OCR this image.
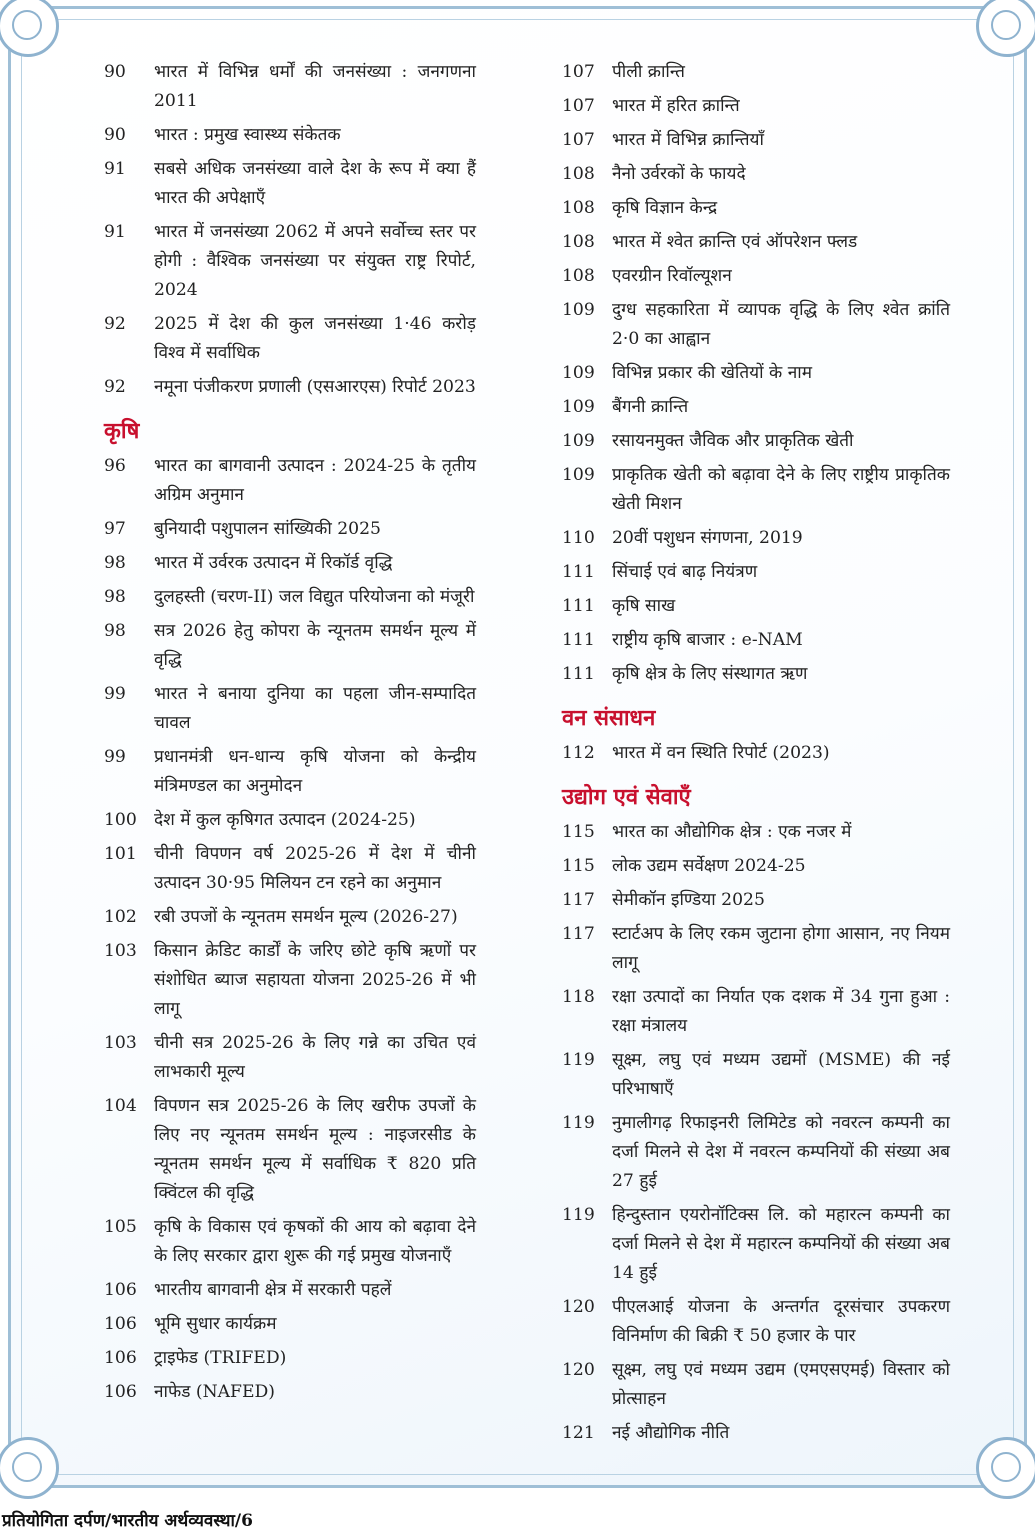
90	भारत में विभिन्न धर्मों की जनसंख्या : जनगणना 2011
90	भारत : प्रमुख स्वास्थ्य संकेतक
91	सबसे अधिक जनसंख्या वाले देश के रूप में क्या हैं भारत की अपेक्षाएँ
91	भारत में जनसंख्या 2062 में अपने सर्वोच्च स्तर पर होगी : वैश्विक जनसंख्या पर संयुक्त राष्ट्र रिपोर्ट, 2024
92	2025 में देश की कुल जनसंख्या 1·46 करोड़ विश्व में सर्वाधिक
92	नमूना पंजीकरण प्रणाली (एसआरएस) रिपोर्ट 2023
कृषि
96	भारत का बागवानी उत्पादन : 2024-25 के तृतीय अग्रिम अनुमान
97	बुनियादी पशुपालन सांख्यिकी 2025
98	भारत में उर्वरक उत्पादन में रिकॉर्ड वृद्धि
98	दुलहस्ती (चरण-II) जल विद्युत परियोजना को मंजूरी
98	सत्र 2026 हेतु कोपरा के न्यूनतम समर्थन मूल्य में वृद्धि
99	भारत ने बनाया दुनिया का पहला जीन-सम्पादित चावल
99	प्रधानमंत्री धन-धान्य कृषि योजना को केन्द्रीय मंत्रिमण्डल का अनुमोदन
100 देश में कुल कृषिगत उत्पादन (2024-25)
101 चीनी विपणन वर्ष 2025-26 में देश में चीनी उत्पादन 30·95 मिलियन टन रहने का अनुमान
102 रबी उपजों के न्यूनतम समर्थन मूल्य (2026-27)
103 किसान क्रेडिट कार्डों के जरिए छोटे कृषि ऋणों पर संशोधित ब्याज सहायता योजना 2025-26 में भी लागू
103 चीनी सत्र 2025-26 के लिए गन्ने का उचित एवं लाभकारी मूल्य
104 विपणन सत्र 2025-26 के लिए खरीफ उपजों के लिए नए न्यूनतम समर्थन मूल्य : नाइजरसीड के न्यूनतम समर्थन मूल्य में सर्वाधिक ₹ 820 प्रति क्विंटल की वृद्धि
105 कृषि के विकास एवं कृषकों की आय को बढ़ावा देने के लिए सरकार द्वारा शुरू की गई प्रमुख योजनाएँ
106 भारतीय बागवानी क्षेत्र में सरकारी पहलें
106 भूमि सुधार कार्यक्रम
106 ट्राइफेड (TRIFED)
106 नाफेड (NAFED)
107 पीली क्रान्ति
107 भारत में हरित क्रान्ति
107 भारत में विभिन्न क्रान्तियाँ
108 नैनो उर्वरकों के फायदे
108 कृषि विज्ञान केन्द्र
108 भारत में श्वेत क्रान्ति एवं ऑपरेशन फ्लड
108 एवरग्रीन रिवॉल्यूशन
109 दुग्ध सहकारिता में व्यापक वृद्धि के लिए श्वेत क्रांति 2·0 का आह्वान
109 विभिन्न प्रकार की खेतियों के नाम
109 बैंगनी क्रान्ति
109 रसायनमुक्त जैविक और प्राकृतिक खेती
109 प्राकृतिक खेती को बढ़ावा देने के लिए राष्ट्रीय प्राकृतिक खेती मिशन
110 20वीं पशुधन संगणना, 2019
111 सिंचाई एवं बाढ़ नियंत्रण
111 कृषि साख
111 राष्ट्रीय कृषि बाजार : e-NAM
111 कृषि क्षेत्र के लिए संस्थागत ऋण
वन संसाधन
112 भारत में वन स्थिति रिपोर्ट (2023)
उद्योग एवं सेवाएँ
115 भारत का औद्योगिक क्षेत्र : एक नजर में
115 लोक उद्यम सर्वेक्षण 2024-25
117 सेमीकॉन इण्डिया 2025
117 स्टार्टअप के लिए रकम जुटाना होगा आसान, नए नियम लागू
118 रक्षा उत्पादों का निर्यात एक दशक में 34 गुना हुआ : रक्षा मंत्रालय
119 सूक्ष्म, लघु एवं मध्यम उद्यमों (MSME) की नई परिभाषाएँ
119 नुमालीगढ़ रिफाइनरी लिमिटेड को नवरत्न कम्पनी का दर्जा मिलने से देश में नवरत्न कम्पनियों की संख्या अब 27 हुई
119 हिन्दुस्तान एयरोनॉटिक्स लि. को महारत्न कम्पनी का दर्जा मिलने से देश में महारत्न कम्पनियों की संख्या अब 14 हुई
120 पीएलआई योजना के अन्तर्गत दूरसंचार उपकरण विनिर्माण की बिक्री ₹ 50 हजार के पार
120 सूक्ष्म, लघु एवं मध्यम उद्यम (एमएसएमई) विस्तार को प्रोत्साहन
121 नई औद्योगिक नीति
प्रतियोगिता दर्पण/भारतीय अर्थव्यवस्था/6
